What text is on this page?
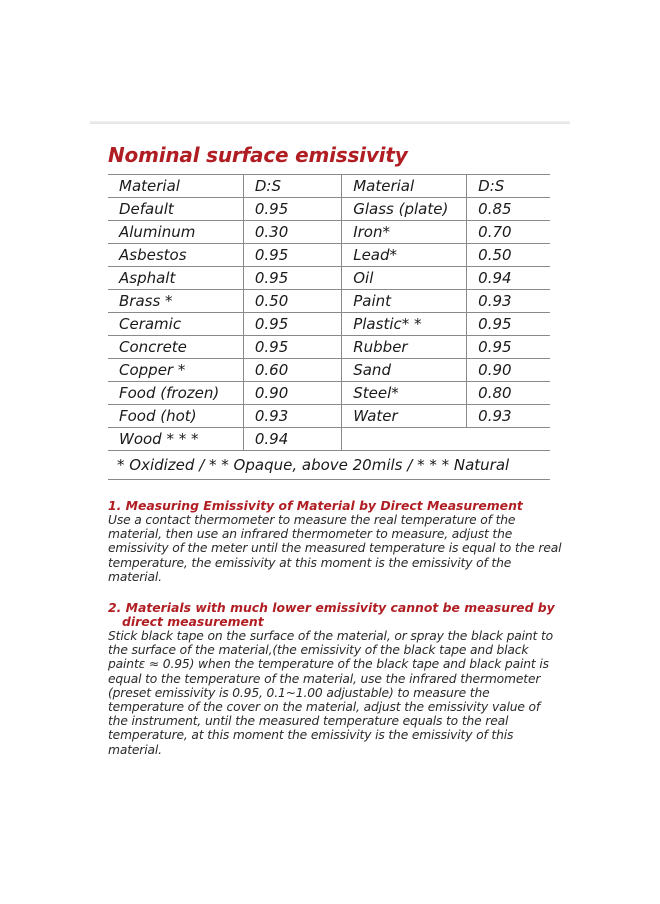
Nominal surface emissivity
Material	D:S	Material	D:S
Default	0.95	Glass (plate)	0.85
Aluminum	0.30	Iron*	0.70
Asbestos	0.95	Lead*	0.50
Asphalt	0.95	Oil	0.94
Brass *	0.50	Paint	0.93
Ceramic	0.95	Plastic* *	0.95
Concrete	0.95	Rubber	0.95
Copper *	0.60	Sand	0.90
Food (frozen)	0.90	Steel*	0.80
Food (hot)	0.93	Water	0.93
Wood * * *	0.94		
* Oxidized / * * Opaque, above 20mils / * * * Natural			

1. Measuring Emissivity of Material by Direct Measurement

Use a contact thermometer to measure the real temperature of the material, then use an infrared thermometer to measure, adjust the emissivity of the meter until the measured temperature is equal to the real temperature, the emissivity at this moment is the emissivity of the material.

2. Materials with much lower emissivity cannot be measured by
direct measurement

Stick black tape on the surface of the material, or spray the black paint to the surface of the material,(the emissivity of the black tape and black paintε ≈ 0.95) when the temperature of the black tape and black paint is equal to the temperature of the material, use the infrared thermometer (preset emissivity is 0.95, 0.1~1.00 adjustable) to measure the temperature of the cover on the material, adjust the emissivity value of the instrument, until the measured temperature equals to the real temperature, at this moment the emissivity is the emissivity of this material.
